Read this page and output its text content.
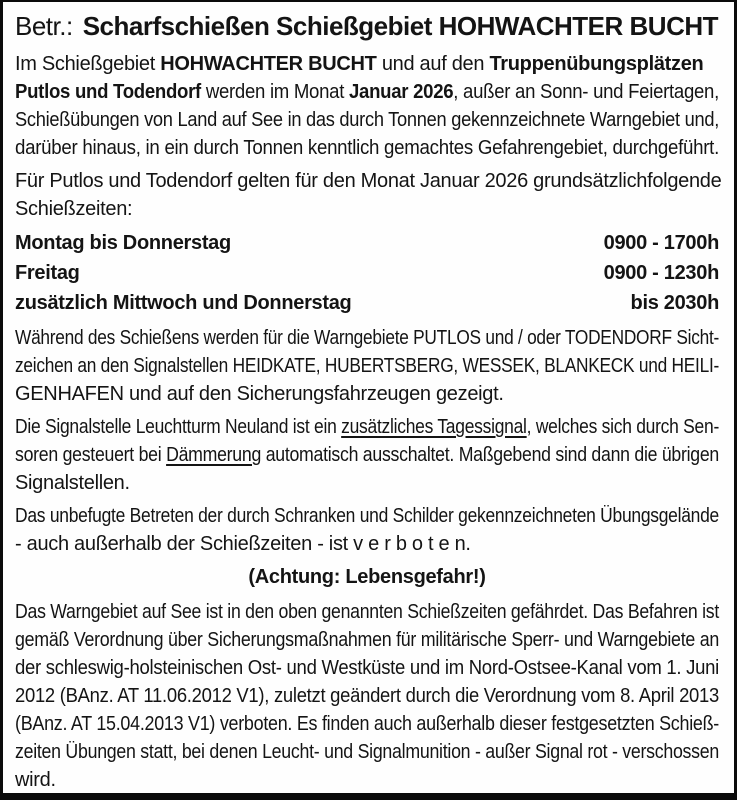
Betr.: Scharfschießen Schießgebiet HOHWACHTER BUCHT
Im Schießgebiet HOHWACHTER BUCHT und auf den Truppenübungsplätzen
Putlos und Todendorf werden im Monat Januar 2026, außer an Sonn- und Feiertagen,
Schießübungen von Land auf See in das durch Tonnen gekennzeichnete Warngebiet und,
darüber hinaus, in ein durch Tonnen kenntlich gemachtes Gefahrengebiet, durchgeführt.
Für Putlos und Todendorf gelten für den Monat Januar 2026 grundsätzlich folgende
Schießzeiten:
Montag bis Donnerstag	0900 - 1700h
Freitag	0900 - 1230h
zusätzlich Mittwoch und Donnerstag	bis 2030h
Während des Schießens werden für die Warngebiete PUTLOS und / oder TODENDORF Sicht-
zeichen an den Signalstellen HEIDKATE, HUBERTSBERG, WESSEK, BLANKECK und HEILI-
GENHAFEN und auf den Sicherungsfahrzeugen gezeigt.
Die Signalstelle Leuchtturm Neuland ist ein zusätzliches Tagessignal, welches sich durch Sen-
soren gesteuert bei Dämmerung automatisch ausschaltet. Maßgebend sind dann die übrigen
Signalstellen.
Das unbefugte Betreten der durch Schranken und Schilder gekennzeichneten Übungsgelände
- auch außerhalb der Schießzeiten - ist v e r b o t e n.
(Achtung: Lebensgefahr!)
Das Warngebiet auf See ist in den oben genannten Schießzeiten gefährdet. Das Befahren ist
gemäß Verordnung über Sicherungsmaßnahmen für militärische Sperr- und Warngebiete an
der schleswig-holsteinischen Ost- und Westküste und im Nord-Ostsee-Kanal vom 1. Juni
2012 (BAnz. AT 11.06.2012 V1), zuletzt geändert durch die Verordnung vom 8. April 2013
(BAnz. AT 15.04.2013 V1) verboten. Es finden auch außerhalb dieser festgesetzten Schieß-
zeiten Übungen statt, bei denen Leucht- und Signalmunition - außer Signal rot - verschossen
wird.
